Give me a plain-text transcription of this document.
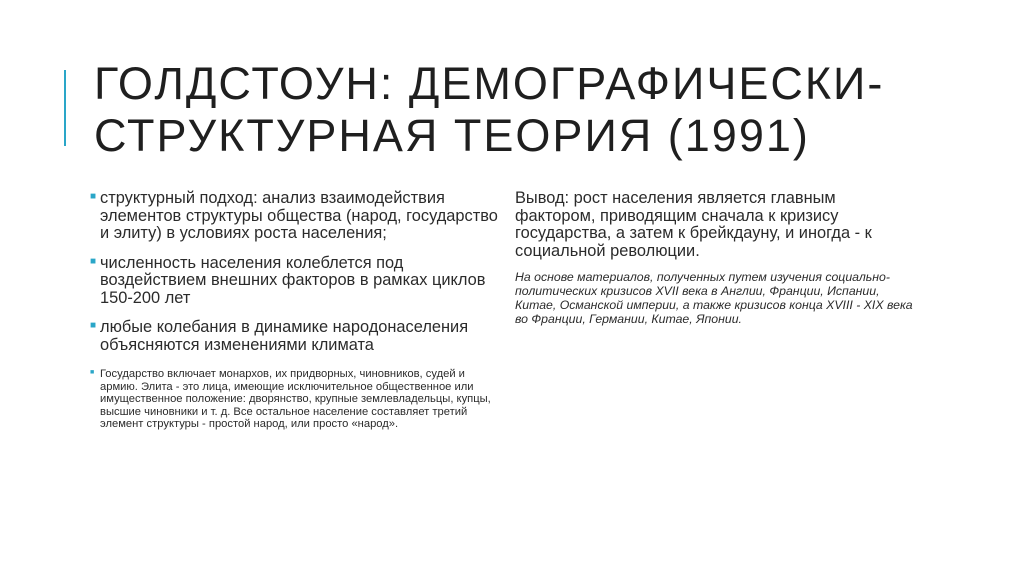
ГОЛДСТОУН: ДЕМОГРАФИЧЕСКИ-СТРУКТУРНАЯ ТЕОРИЯ (1991)
■ структурный подход: анализ взаимодействия элементов структуры общества (народ, государство и элиту) в условиях роста населения;
■ численность населения колеблется под воздействием внешних факторов в рамках циклов 150-200 лет
■ любые колебания в динамике народонаселения объясняются изменениями климата
■ Государство включает монархов, их придворных, чиновников, судей и армию. Элита - это лица, имеющие исключительное общественное или имущественное положение: дворянство, крупные землевладельцы, купцы, высшие чиновники и т. д. Все остальное население составляет третий элемент структуры - простой народ, или просто «народ».

Вывод: рост населения является главным фактором, приводящим сначала к кризису государства, а затем к брейкдауну, и иногда - к социальной революции.

На основе материалов, полученных путем изучения социально-политических кризисов XVII века в Англии, Франции, Испании, Китае, Османской империи, а также кризисов конца XVIII - XIX века во Франции, Германии, Китае, Японии.
